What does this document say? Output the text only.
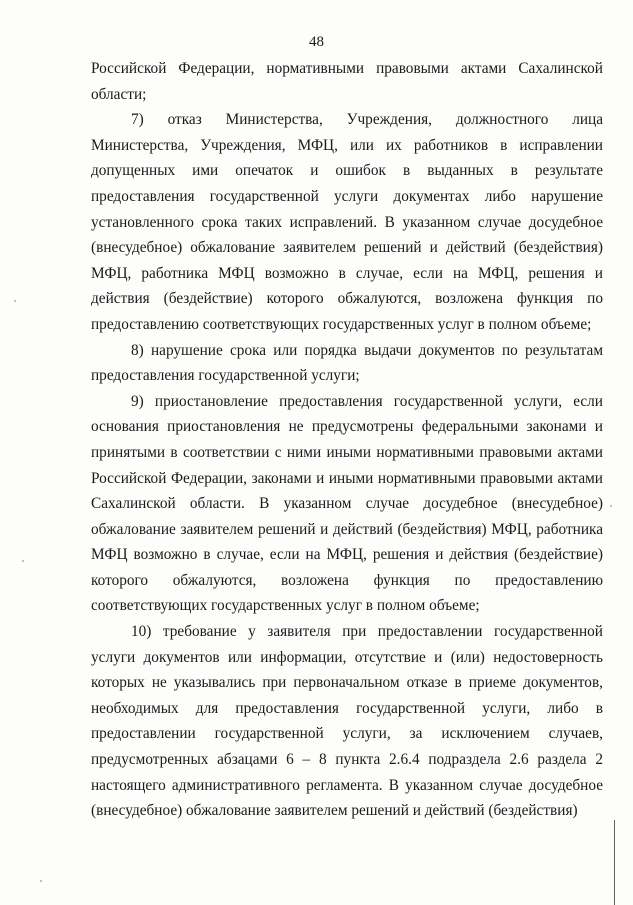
48

Российской Федерации, нормативными правовыми актами Сахалинской области;

7) отказ Министерства, Учреждения, должностного лица Министерства, Учреждения, МФЦ, или их работников в исправлении допущенных ими опечаток и ошибок в выданных в результате предоставления государственной услуги документах либо нарушение установленного срока таких исправлений. В указанном случае досудебное (внесудебное) обжалование заявителем решений и действий (бездействия) МФЦ, работника МФЦ возможно в случае, если на МФЦ, решения и действия (бездействие) которого обжалуются, возложена функция по предоставлению соответствующих государственных услуг в полном объеме;

8) нарушение срока или порядка выдачи документов по результатам предоставления государственной услуги;

9) приостановление предоставления государственной услуги, если основания приостановления не предусмотрены федеральными законами и принятыми в соответствии с ними иными нормативными правовыми актами Российской Федерации, законами и иными нормативными правовыми актами Сахалинской области. В указанном случае досудебное (внесудебное) обжалование заявителем решений и действий (бездействия) МФЦ, работника МФЦ возможно в случае, если на МФЦ, решения и действия (бездействие) которого обжалуются, возложена функция по предоставлению соответствующих государственных услуг в полном объеме;

10) требование у заявителя при предоставлении государственной услуги документов или информации, отсутствие и (или) недостоверность которых не указывались при первоначальном отказе в приеме документов, необходимых для предоставления государственной услуги, либо в предоставлении государственной услуги, за исключением случаев, предусмотренных абзацами 6 – 8 пункта 2.6.4 подраздела 2.6 раздела 2 настоящего административного регламента. В указанном случае досудебное (внесудебное) обжалование заявителем решений и действий (бездействия)
